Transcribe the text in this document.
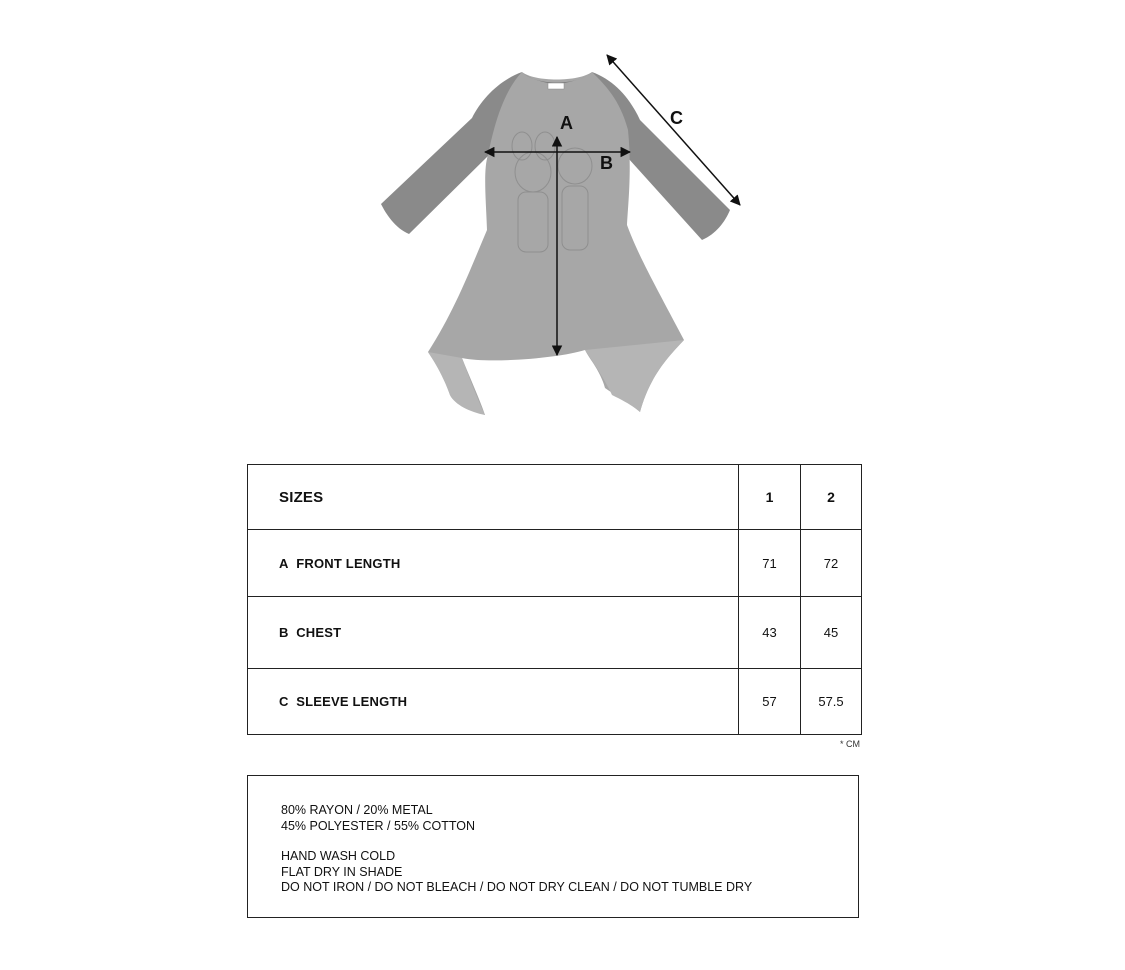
A
B
C
SIZES	1	2
A FRONT LENGTH	71	72
B CHEST	43	45
C SLEEVE LENGTH	57	57.5
* CM
80% RAYON / 20% METAL
45% POLYESTER / 55% COTTON
HAND WASH COLD
FLAT DRY IN SHADE
DO NOT IRON / DO NOT BLEACH / DO NOT DRY CLEAN / DO NOT TUMBLE DRY
